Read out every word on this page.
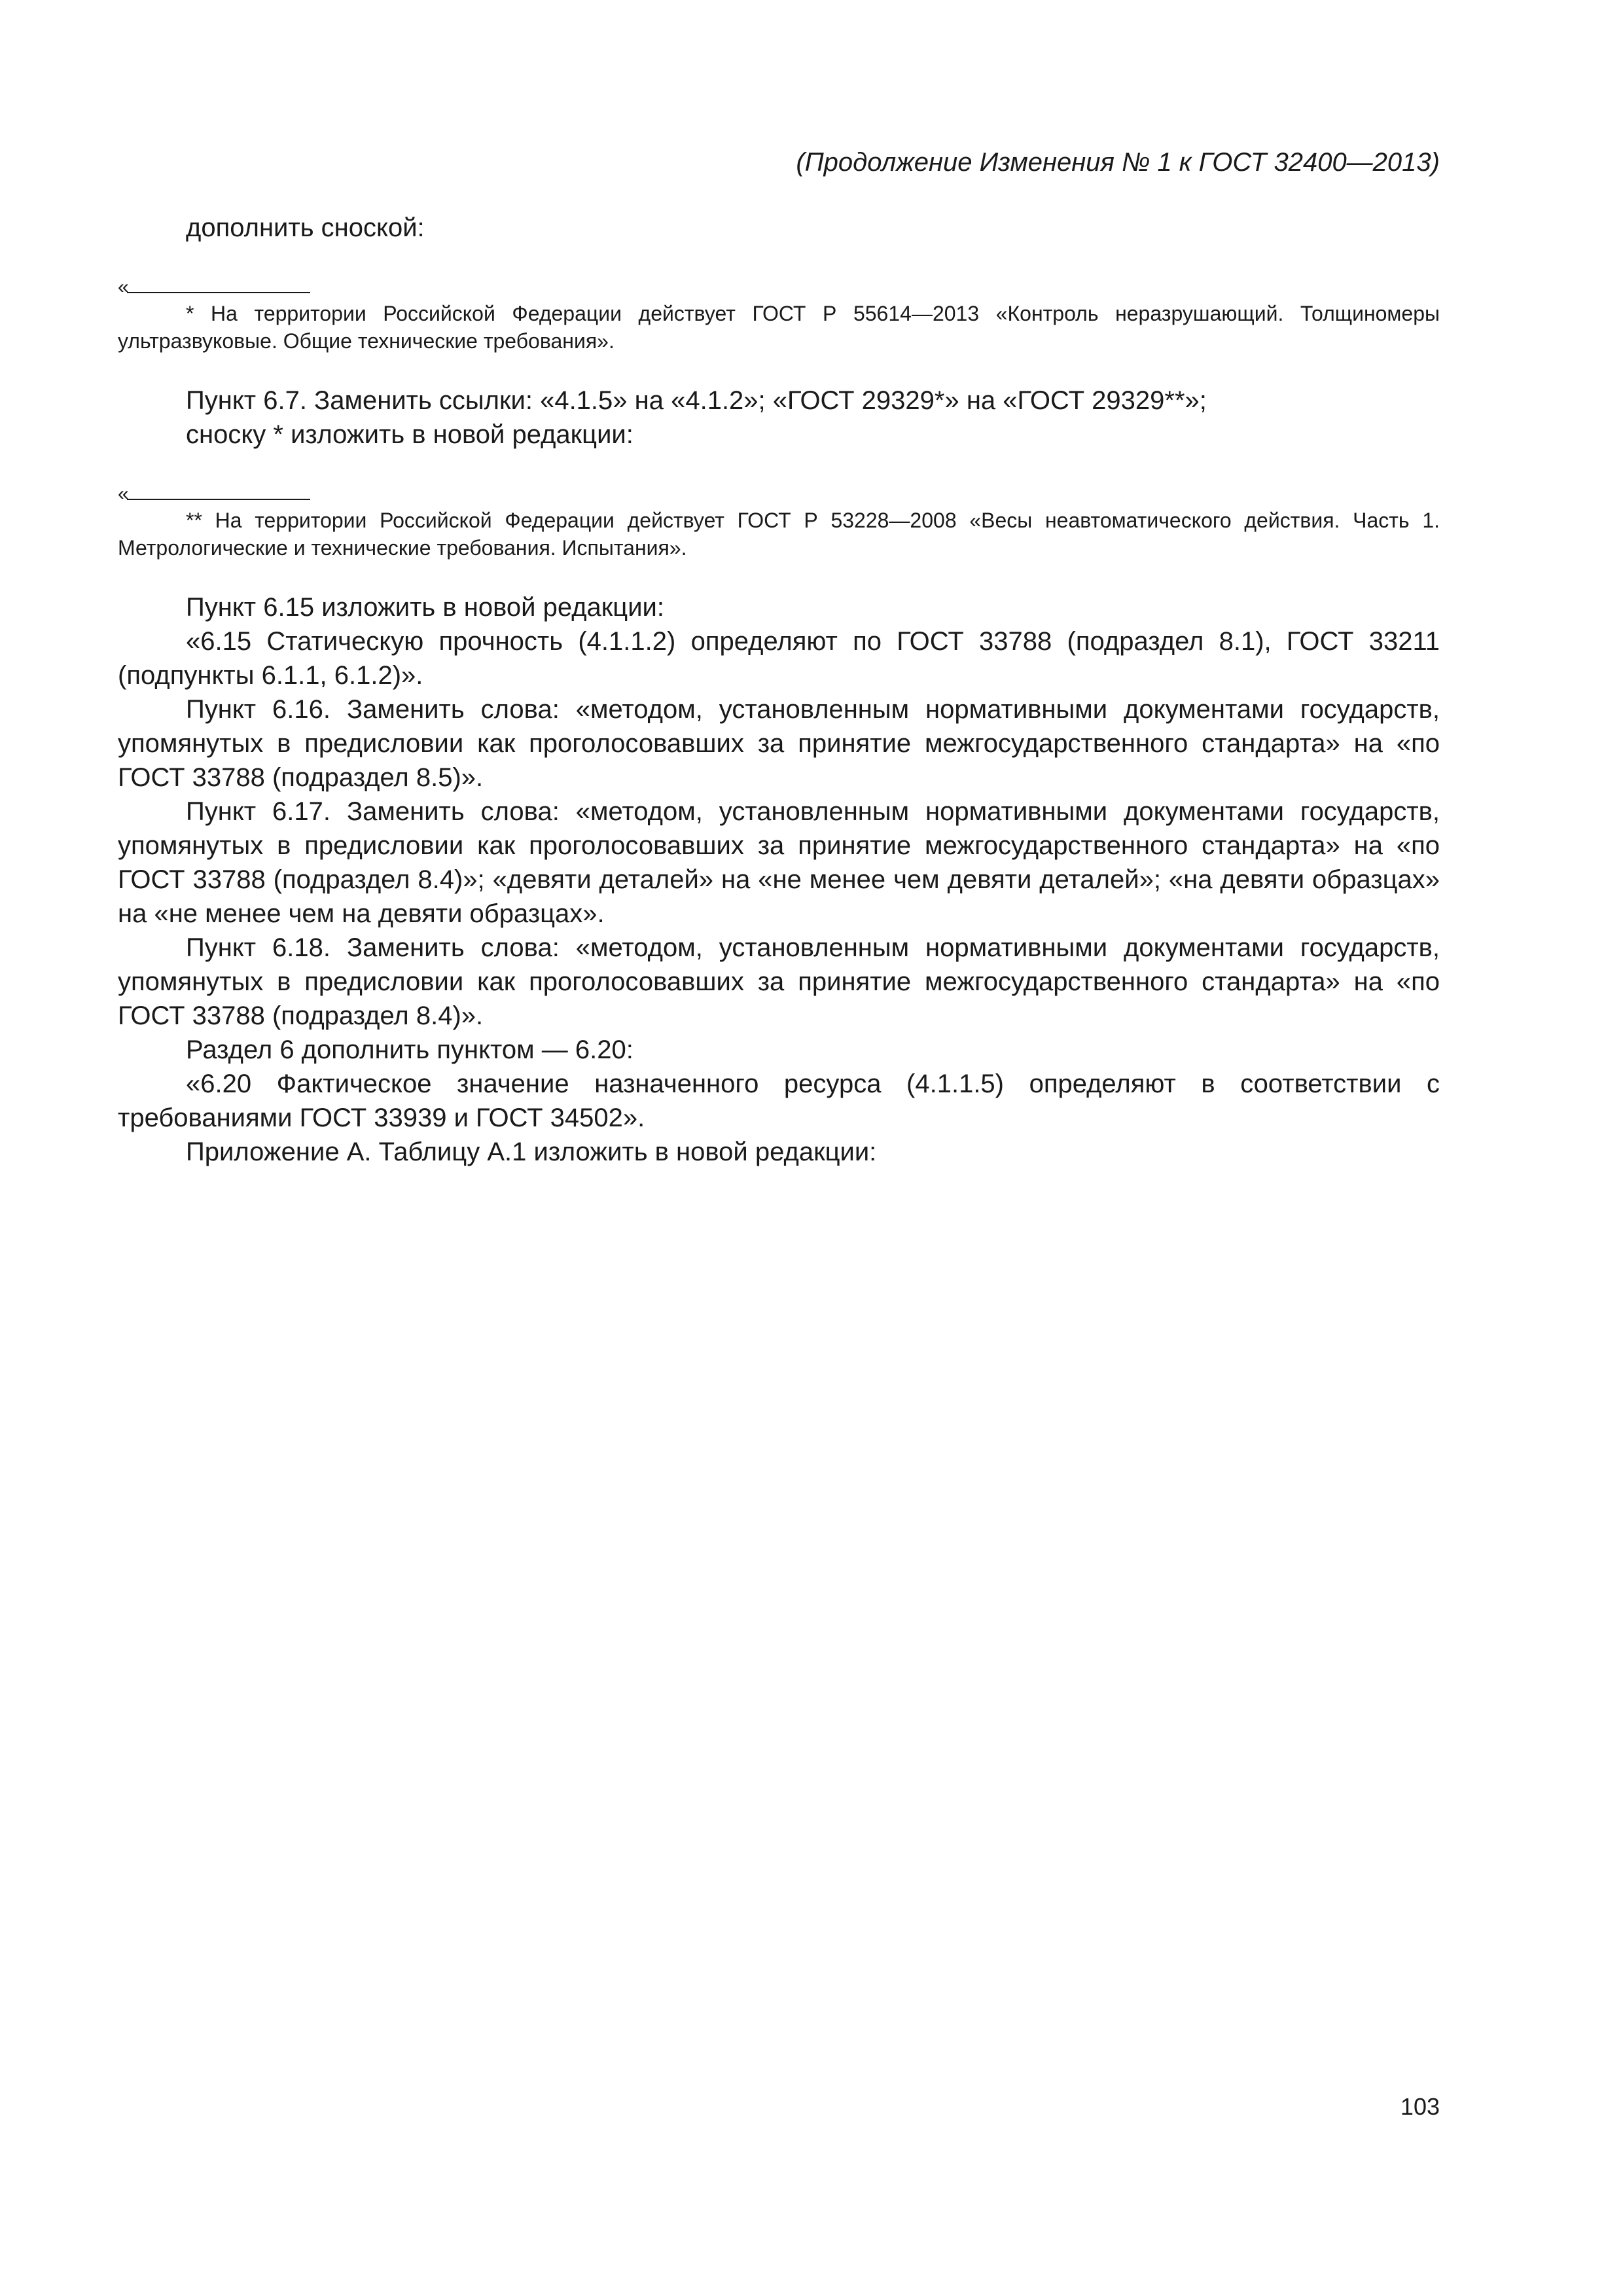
(Продолжение Изменения № 1 к ГОСТ 32400—2013)

дополнить сноской:

«

* На территории Российской Федерации действует ГОСТ Р 55614—2013 «Контроль неразрушающий. Толщиномеры ультразвуковые. Общие технические требования».

Пункт 6.7. Заменить ссылки: «4.1.5» на «4.1.2»; «ГОСТ 29329*» на «ГОСТ 29329**»;

сноску * изложить в новой редакции:

«

** На территории Российской Федерации действует ГОСТ Р 53228—2008 «Весы неавтоматического действия. Часть 1. Метрологические и технические требования. Испытания».

Пункт 6.15 изложить в новой редакции:

«6.15 Статическую прочность (4.1.1.2) определяют по ГОСТ 33788 (подраздел 8.1), ГОСТ 33211 (подпункты 6.1.1, 6.1.2)».

Пункт 6.16. Заменить слова: «методом, установленным нормативными документами государств, упомянутых в предисловии как проголосовавших за принятие межгосударственного стандарта» на «по ГОСТ 33788 (подраздел 8.5)».

Пункт 6.17. Заменить слова: «методом, установленным нормативными документами государств, упомянутых в предисловии как проголосовавших за принятие межгосударственного стандарта» на «по ГОСТ 33788 (подраздел 8.4)»; «девяти деталей» на «не менее чем девяти деталей»; «на девяти образцах» на «не менее чем на девяти образцах».

Пункт 6.18. Заменить слова: «методом, установленным нормативными документами государств, упомянутых в предисловии как проголосовавших за принятие межгосударственного стандарта» на «по ГОСТ 33788 (подраздел 8.4)».

Раздел 6 дополнить пунктом — 6.20:

«6.20 Фактическое значение назначенного ресурса (4.1.1.5) определяют в соответствии с требованиями ГОСТ 33939 и ГОСТ 34502».

Приложение А. Таблицу А.1 изложить в новой редакции:

103
